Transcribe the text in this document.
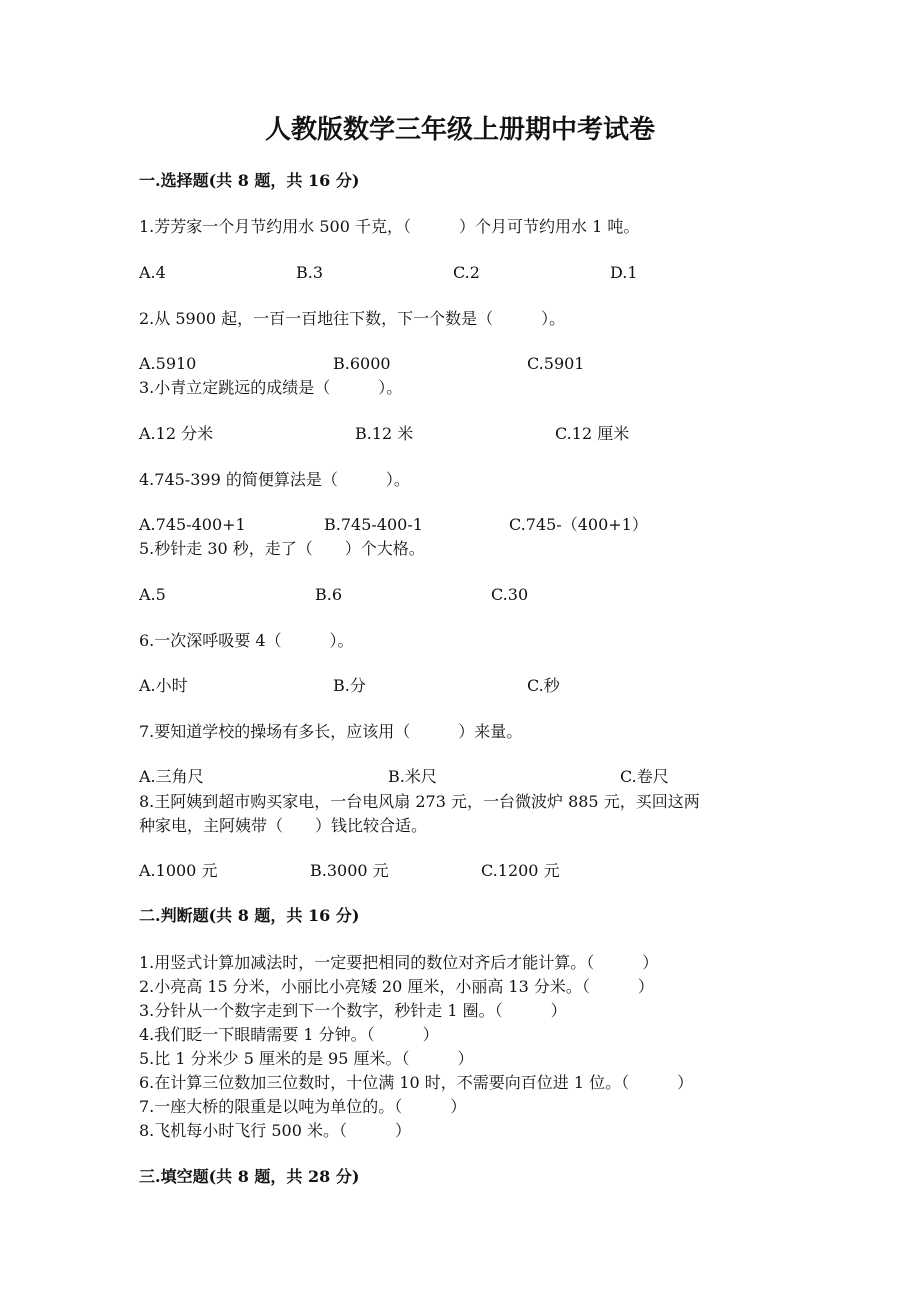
人教版数学三年级上册期中考试卷
一.选择题(共 8 题，共 16 分)
1.芳芳家一个月节约用水 500 千克，（　　　）个月可节约用水 1 吨。
A.4	B.3	C.2	D.1
2.从 5900 起，一百一百地往下数，下一个数是（　　　）。
A.5910	B.6000	C.5901
3.小青立定跳远的成绩是（　　　）。
A.12 分米	B.12 米	C.12 厘米
4.745-399 的简便算法是（　　　）。
A.745-400+1	B.745-400-1	C.745-（400+1）
5.秒针走 30 秒，走了（　　）个大格。
A.5	B.6	C.30
6.一次深呼吸要 4（　　　）。
A.小时	B.分	C.秒
7.要知道学校的操场有多长，应该用（　　　）来量。
A.三角尺	B.米尺	C.卷尺
8.王阿姨到超市购买家电，一台电风扇 273 元，一台微波炉 885 元，买回这两
种家电，主阿姨带（　　）钱比较合适。
A.1000 元	B.3000 元	C.1200 元
二.判断题(共 8 题，共 16 分)
1.用竖式计算加减法时，一定要把相同的数位对齐后才能计算。（　　　）
2.小亮高 15 分米，小丽比小亮矮 20 厘米，小丽高 13 分米。（　　　）
3.分针从一个数字走到下一个数字，秒针走 1 圈。（　　　）
4.我们眨一下眼睛需要 1 分钟。（　　　）
5.比 1 分米少 5 厘米的是 95 厘米。（　　　）
6.在计算三位数加三位数时，十位满 10 时，不需要向百位进 1 位。（　　　）
7.一座大桥的限重是以吨为单位的。（　　　）
8.飞机每小时飞行 500 米。（　　　）
三.填空题(共 8 题，共 28 分)
